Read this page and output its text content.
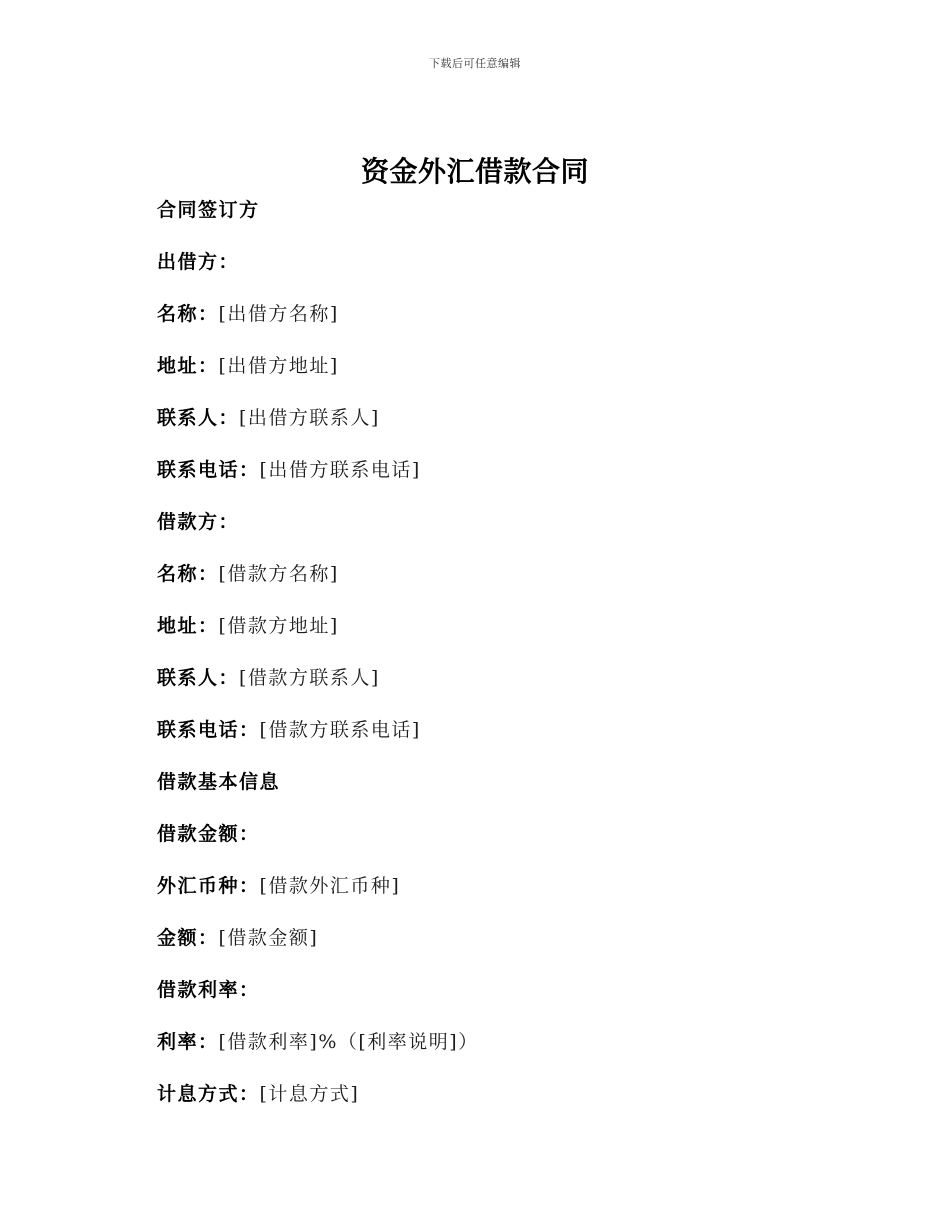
下载后可任意编辑
资金外汇借款合同
合同签订方
出借方：
名称：[出借方名称]
地址：[出借方地址]
联系人：[出借方联系人]
联系电话：[出借方联系电话]
借款方：
名称：[借款方名称]
地址：[借款方地址]
联系人：[借款方联系人]
联系电话：[借款方联系电话]
借款基本信息
借款金额：
外汇币种：[借款外汇币种]
金额：[借款金额]
借款利率：
利率：[借款利率]%（[利率说明]）
计息方式：[计息方式]
